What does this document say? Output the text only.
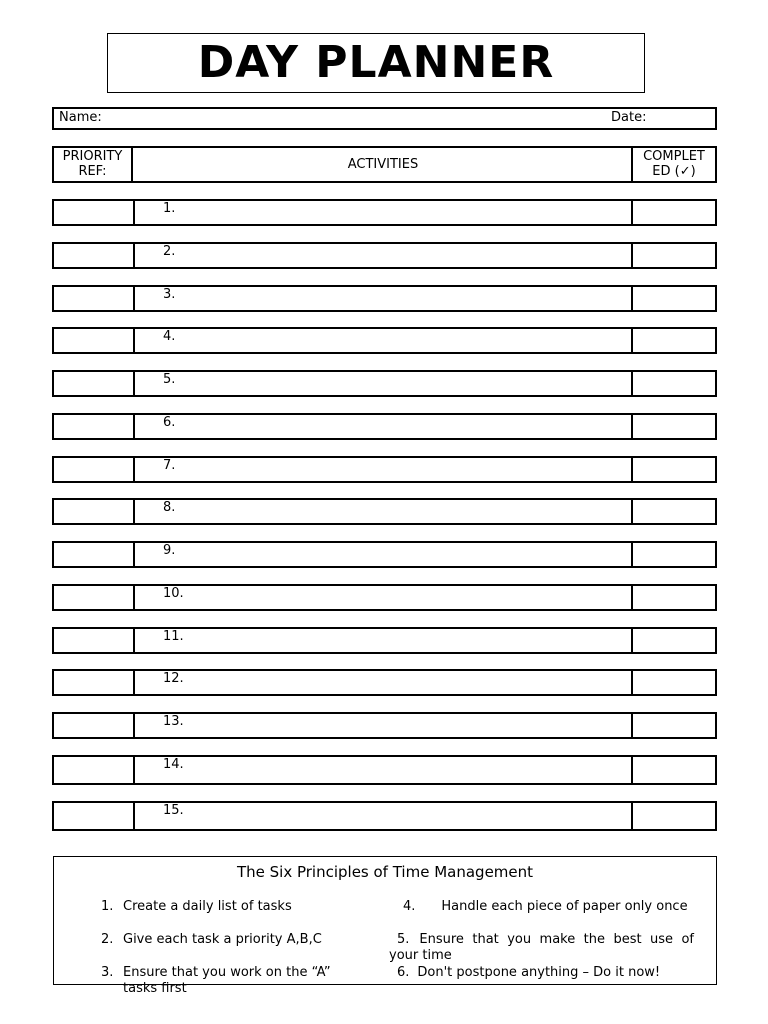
DAY PLANNER
Name:	Date:
PRIORITY REF:	ACTIVITIES
COMPLET ED (✓)
1.
2.
3.
4.
5.
6.
7.
8.
9.
10.
11.
12.
13.
14.
15.
The Six Principles of Time Management
1. Create a daily list of tasks
2. Give each task a priority A,B,C
3. Ensure that you work on the “A” tasks first
4. Handle each piece of paper only once
5. Ensure that you make the best use of your time
6. Don't postpone anything – Do it now!
